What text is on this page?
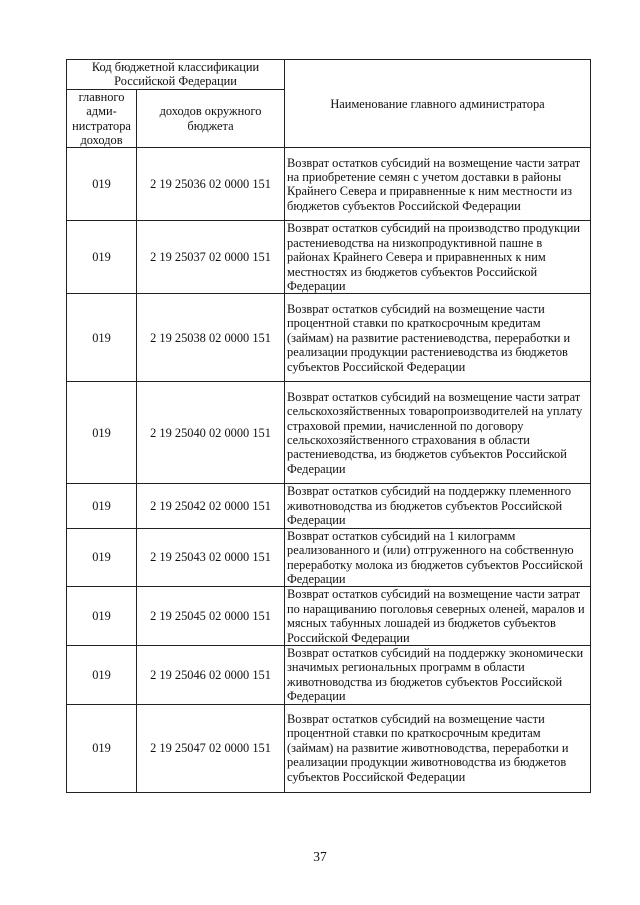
Код бюджетной классификации Российской Федерации		Наименование главного администратора
главного адми-нистратора доходов	доходов окружного бюджета	
019	2 19 25036 02 0000 151	Возврат остатков субсидий на возмещение части затрат на приобретение семян с учетом доставки в районы Крайнего Севера и приравненные к ним местности из бюджетов субъектов Российской Федерации
019	2 19 25037 02 0000 151	Возврат остатков субсидий на производство продукции растениеводства на низкопродуктивной пашне в районах Крайнего Севера и приравненных к ним местностях из бюджетов субъектов Российской Федерации
019	2 19 25038 02 0000 151	Возврат остатков субсидий на возмещение части процентной ставки по краткосрочным кредитам (займам) на развитие растениеводства, переработки и реализации продукции растениеводства из бюджетов субъектов Российской Федерации
019	2 19 25040 02 0000 151	Возврат остатков субсидий на возмещение части затрат сельскохозяйственных товаропроизводителей на уплату страховой премии, начисленной по договору сельскохозяйственного страхования в области растениеводства, из бюджетов субъектов Российской Федерации
019	2 19 25042 02 0000 151	Возврат остатков субсидий на поддержку племенного животноводства из бюджетов субъектов Российской Федерации
019	2 19 25043 02 0000 151	Возврат остатков субсидий на 1 килограмм реализованного и (или) отгруженного на собственную переработку молока из бюджетов субъектов Российской Федерации
019	2 19 25045 02 0000 151	Возврат остатков субсидий на возмещение части затрат по наращиванию поголовья северных оленей, маралов и мясных табунных лошадей из бюджетов субъектов Российской Федерации
019	2 19 25046 02 0000 151	Возврат остатков субсидий на поддержку экономически значимых региональных программ в области животноводства из бюджетов субъектов Российской Федерации
019	2 19 25047 02 0000 151	Возврат остатков субсидий на возмещение части процентной ставки по краткосрочным кредитам (займам) на развитие животноводства, переработки и реализации продукции животноводства из бюджетов субъектов Российской Федерации
37
